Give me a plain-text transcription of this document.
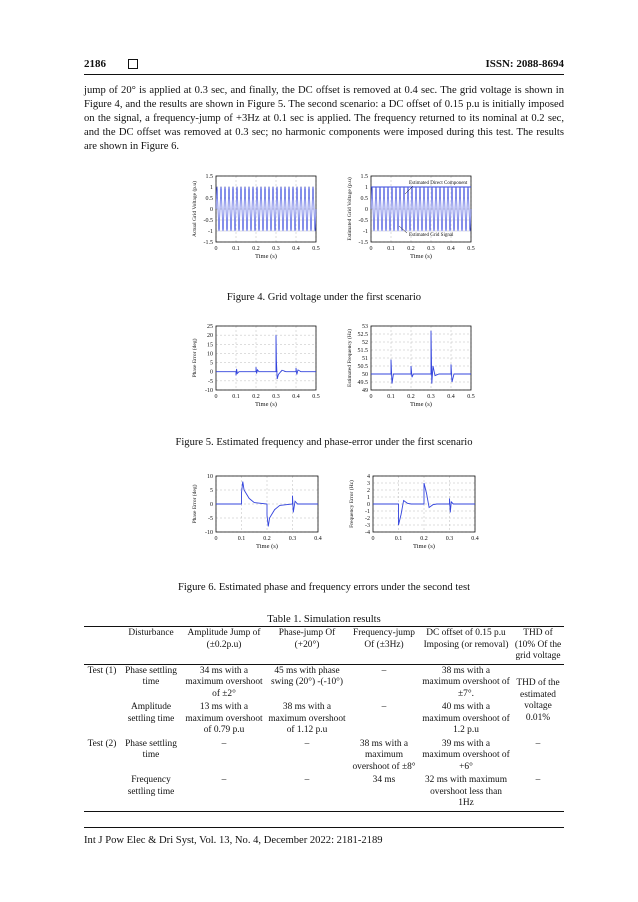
2186	ISSN: 2088-8694
jump of 20° is applied at 0.3 sec, and finally, the DC offset is removed at 0.4 sec. The grid voltage is shown in Figure 4, and the results are shown in Figure 5. The second scenario: a DC offset of 0.15 p.u is initially imposed on the signal, a frequency-jump of +3Hz at 0.1 sec is applied. The frequency returned to its nominal at 0.2 sec, and the DC offset was removed at 0.3 sec; no harmonic components were imposed during this test. The results are shown in Figure 6.
0 0.1 0.2 0.3 0.4 0.5
-1.5
-1
-0.5
0
0.5
1
1.5
Time (s)
Actual Grid Voltage (p.u)
0 0.1 0.2 0.3 0.4 0.5
-1.5
-1
-0.5
0
0.5
1
1.5
Time (s)
Estimated Grid Voltage (p.u)	Estimated Direct Component
Estimated Grid Signal
Figure 4. Grid voltage under the first scenario
0 0.1 0.2 0.3 0.4 0.5
-10
-5
0
5
10
15
20
25
Time (s)
Phase Error (deg)
0 0.1 0.2 0.3 0.4 0.5
49
49.5
50
50.5
51
51.5
52
52.5
53
Time (s)
Estimated Frequency (Hz)
Figure 5. Estimated frequency and phase-error under the first scenario
0	0.1	0.2	0.3	0.4
-10
-5
0
5
10
Time (s)
Phase Error (deg)
0	0.1	0.2	0.3	0.4
-4
-3
-2
-1
0
1
2
3
4
Time (s)
Frequency Error (Hz)
Figure 6. Estimated phase and frequency errors under the second test
Table 1. Simulation results
	Disturbance	Amplitude Jump of (±0.2p.u)	Phase-jump Of (+20°)	Frequency-jump Of (±3Hz)	DC offset of 0.15 p.u Imposing (or removal)	THD of (10% Of the grid voltage
Test (1)	Phase settling time	34 ms with a maximum overshoot of ±2°	45 ms with phase swing (20°) -(-10°)	‒	38 ms with a maximum overshoot of ±7°.	THD of the estimated voltage 0.01%
	Amplitude settling time	13 ms with a maximum overshoot of 0.79 p.u	38 ms with a maximum overshoot of 1.12 p.u	‒	40 ms with a maximum overshoot of 1.2 p.u	
Test (2)	Phase settling time	‒	‒	38 ms with a maximum overshoot of ±8°	39 ms with a maximum overshoot of +6°	‒
	Frequency settling time	‒	‒	34 ms	32 ms with maximum overshoot less than 1Hz	‒
Int J Pow Elec & Dri Syst, Vol. 13, No. 4, December 2022: 2181-2189
